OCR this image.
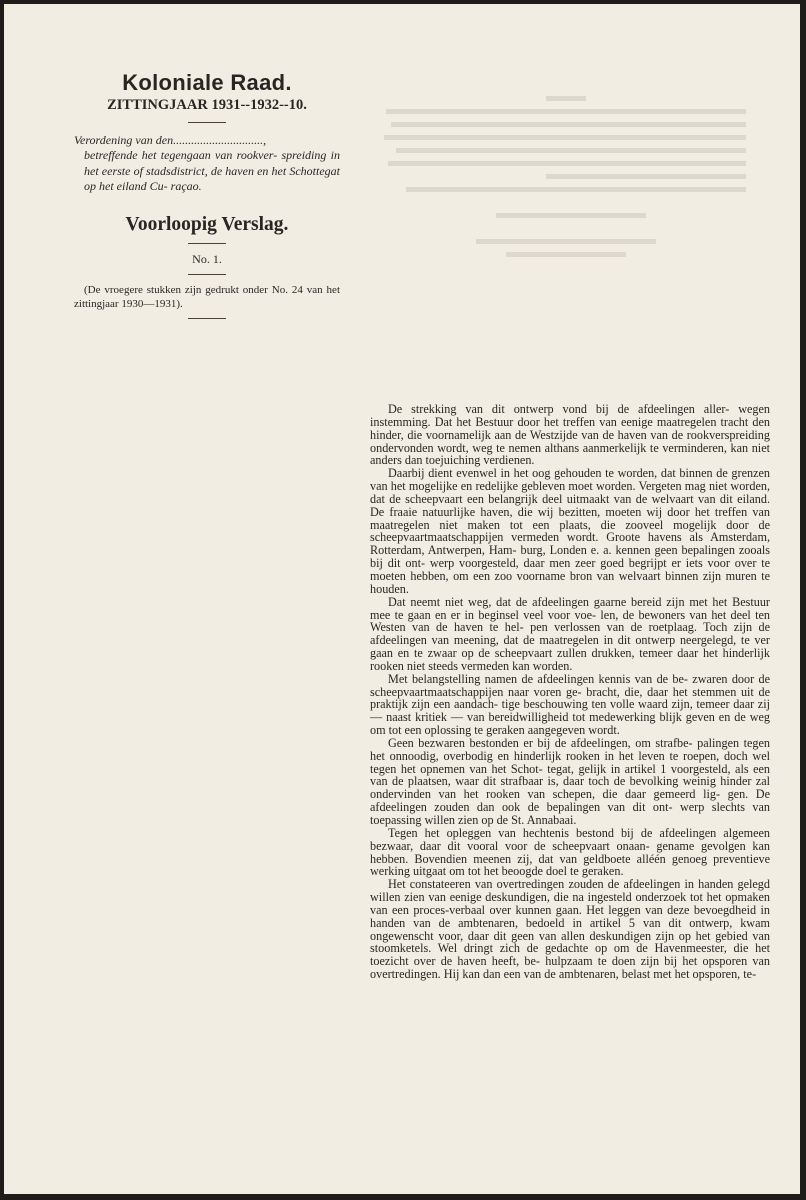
Koloniale Raad.

ZITTINGJAAR 1931--1932--10.

Verordening van den..............................,
betreffende het tegengaan van rookver- spreiding in het eerste of stadsdistrict, de haven en het Schottegat op het eiland Cu- raçao.

Voorloopig Verslag.

No. 1.

(De vroegere stukken zijn gedrukt onder No. 24 van het zittingjaar 1930—1931).

De strekking van dit ontwerp vond bij de afdeelingen aller- wegen instemming. Dat het Bestuur door het treffen van eenige maatregelen tracht den hinder, die voornamelijk aan de Westzijde van de haven van de rookverspreiding ondervonden wordt, weg te nemen althans aanmerkelijk te verminderen, kan niet anders dan toejuiching verdienen.

Daarbij dient evenwel in het oog gehouden te worden, dat binnen de grenzen van het mogelijke en redelijke gebleven moet worden. Vergeten mag niet worden, dat de scheepvaart een belangrijk deel uitmaakt van de welvaart van dit eiland. De fraaie natuurlijke haven, die wij bezitten, moeten wij door het treffen van maatregelen niet maken tot een plaats, die zooveel mogelijk door de scheepvaartmaatschappijen vermeden wordt. Groote havens als Amsterdam, Rotterdam, Antwerpen, Ham- burg, Londen e. a. kennen geen bepalingen zooals bij dit ont- werp voorgesteld, daar men zeer goed begrijpt er iets voor over te moeten hebben, om een zoo voorname bron van welvaart binnen zijn muren te houden.

Dat neemt niet weg, dat de afdeelingen gaarne bereid zijn met het Bestuur mee te gaan en er in beginsel veel voor voe- len, de bewoners van het deel ten Westen van de haven te hel- pen verlossen van de roetplaag. Toch zijn de afdeelingen van meening, dat de maatregelen in dit ontwerp neergelegd, te ver gaan en te zwaar op de scheepvaart zullen drukken, temeer daar het hinderlijk rooken niet steeds vermeden kan worden.

Met belangstelling namen de afdeelingen kennis van de be- zwaren door de scheepvaartmaatschappijen naar voren ge- bracht, die, daar het stemmen uit de praktijk zijn een aandach- tige beschouwing ten volle waard zijn, temeer daar zij — naast kritiek — van bereidwilligheid tot medewerking blijk geven en de weg om tot een oplossing te geraken aangegeven wordt.

Geen bezwaren bestonden er bij de afdeelingen, om strafbe- palingen tegen het onnoodig, overbodig en hinderlijk rooken in het leven te roepen, doch wel tegen het opnemen van het Schot- tegat, gelijk in artikel 1 voorgesteld, als een van de plaatsen, waar dit strafbaar is, daar toch de bevolking weinig hinder zal ondervinden van het rooken van schepen, die daar gemeerd lig- gen. De afdeelingen zouden dan ook de bepalingen van dit ont- werp slechts van toepassing willen zien op de St. Annabaai.

Tegen het opleggen van hechtenis bestond bij de afdeelingen algemeen bezwaar, daar dit vooral voor de scheepvaart onaan- genamе gevolgen kan hebben. Bovendien meenen zij, dat van geldboete alléén genoeg preventieve werking uitgaat om tot het beoogde doel te geraken.

Het constateeren van overtredingen zouden de afdeelingen in handen gelegd willen zien van eenige deskundigen, die na ingesteld onderzoek tot het opmaken van een proces-verbaal over kunnen gaan. Het leggen van deze bevoegdheid in handen van de ambtenaren, bedoeld in artikel 5 van dit ontwerp, kwam ongewenscht voor, daar dit geen van allen deskundigen zijn op het gebied van stoomketels. Wel dringt zich de gedachte op om de Havenmeester, die het toezicht over de haven heeft, be- hulpzaam te doen zijn bij het opsporen van overtredingen. Hij kan dan een van de ambtenaren, belast met het opsporen, te-
